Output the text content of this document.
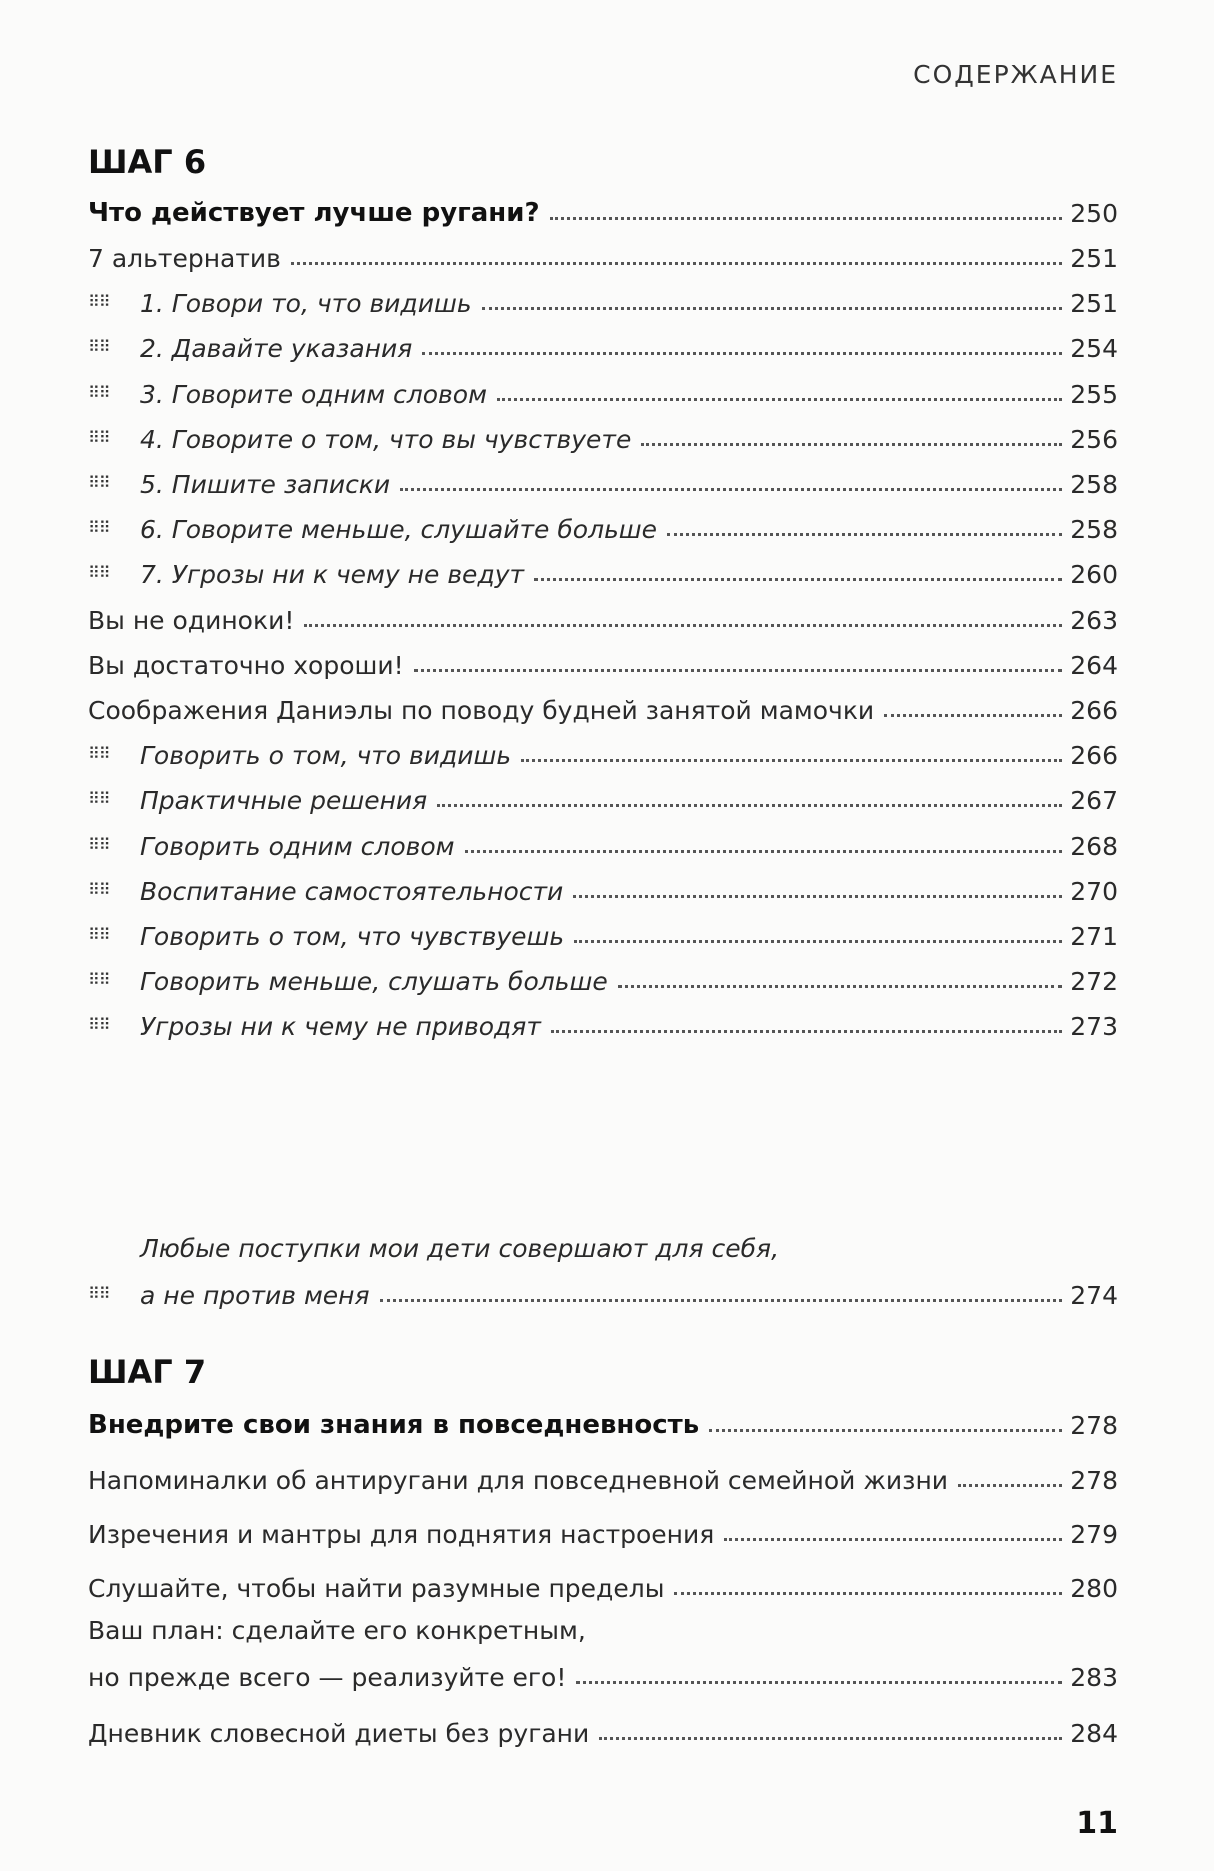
СОДЕРЖАНИЕ
ШАГ 6
Что действует лучше ругани?	250
7 альтернатив	251
⠿⠿	1. Говори то, что видишь	251
⠿⠿	2. Давайте указания	254
⠿⠿	3. Говорите одним словом	255
⠿⠿	4. Говорите о том, что вы чувствуете	256
⠿⠿	5. Пишите записки	258
⠿⠿	6. Говорите меньше, слушайте больше	258
⠿⠿	7. Угрозы ни к чему не ведут	260
Вы не одиноки!	263
Вы достаточно хороши!	264
Соображения Даниэлы по поводу будней занятой мамочки	266
⠿⠿	Говорить о том, что видишь	266
⠿⠿	Практичные решения	267
⠿⠿	Говорить одним словом	268
⠿⠿	Воспитание самостоятельности	270
⠿⠿	Говорить о том, что чувствуешь	271
⠿⠿	Говорить меньше, слушать больше	272
⠿⠿	Угрозы ни к чему не приводят	273
⠿⠿
Любые поступки мои дети совершают для себя,
а не против меня	274
ШАГ 7
Внедрите свои знания в повседневность	278
Напоминалки об антиругани для повседневной семейной жизни	278
Изречения и мантры для поднятия настроения	279
Слушайте, чтобы найти разумные пределы	280
Ваш план: сделайте его конкретным,
но прежде всего — реализуйте его!	283
Дневник словесной диеты без ругани	284
11
